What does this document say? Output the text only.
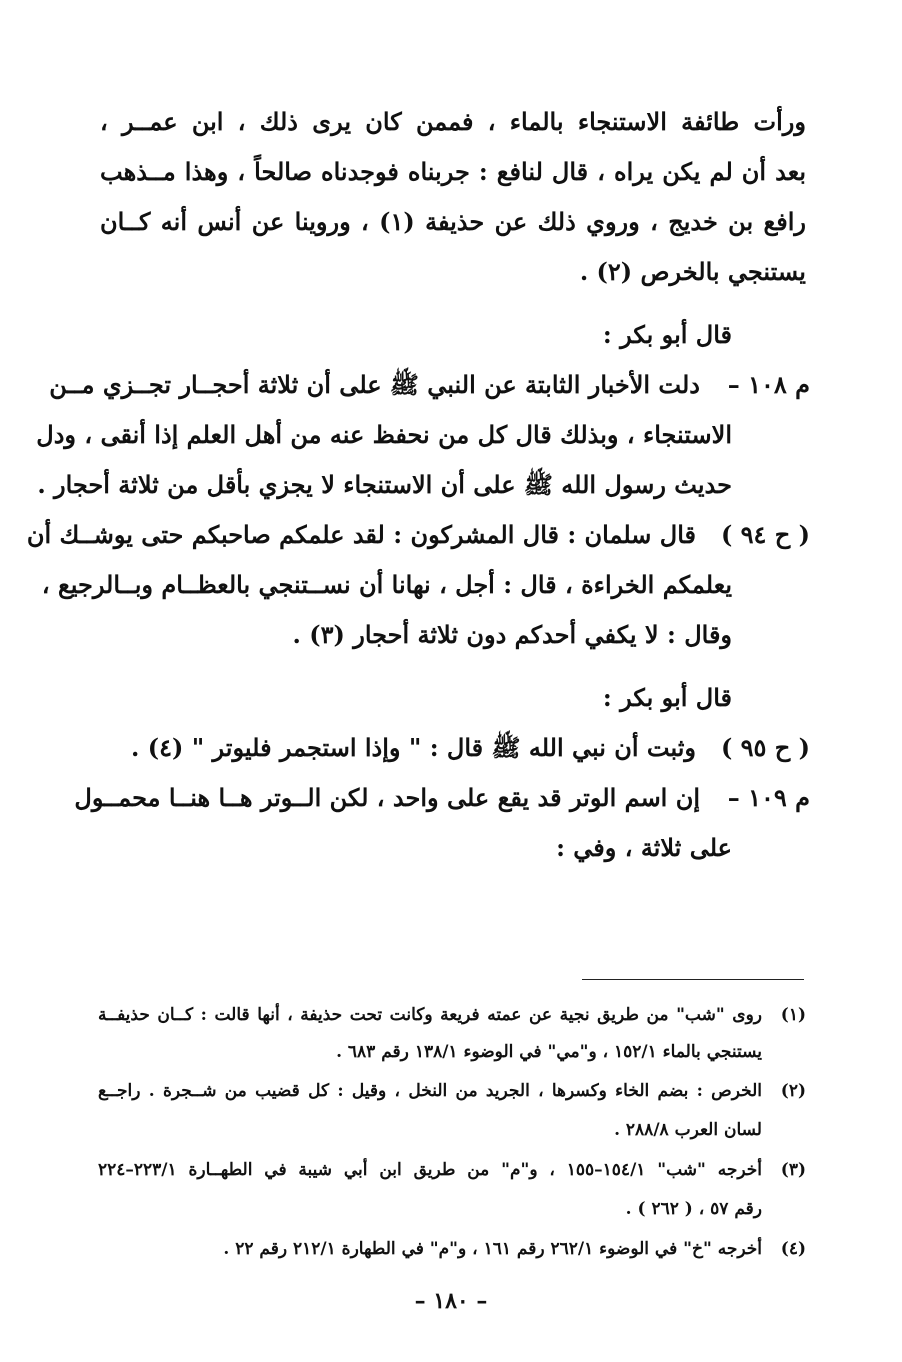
ورأت طائفة الاستنجاء بالماء ، فممن كان يرى ذلك ، ابن عمــر ،
بعد أن لم يكن يراه ، قال لنافع : جربناه فوجدناه صالحاً ، وهذا مــذهب
رافع بن خديج ، وروي ذلك عن حذيفة (١) ، وروينا عن أنس أنه كــان
يستنجي بالخرص (٢) .
قال أبو بكر :
م ١٠٨ –
دلت الأخبار الثابتة عن النبي ﷺ على أن ثلاثة أحجــار تجــزي مــن
الاستنجاء ، وبذلك قال كل من نحفظ عنه من أهل العلم إذا أنقى ، ودل
حديث رسول الله ﷺ على أن الاستنجاء لا يجزي بأقل من ثلاثة أحجار .
( ح ٩٤ )
قال سلمان : قال المشركون : لقد علمكم صاحبكم حتى يوشــك أن
يعلمكم الخراءة ، قال : أجل ، نهانا أن نســتنجي بالعظــام وبــالرجيع ،
وقال : لا يكفي أحدكم دون ثلاثة أحجار (٣) .
قال أبو بكر :
( ح ٩٥ )
وثبت أن نبي الله ﷺ قال : " وإذا استجمر فليوتر " (٤) .
م ١٠٩ –
إن اسم الوتر قد يقع على واحد ، لكن الــوتر هــا هنــا محمــول
على ثلاثة ، وفي :
(١)
روى "شب" من طريق نجية عن عمته فريعة وكانت تحت حذيفة ، أنها قالت : كــان حذيفــة
يستنجي بالماء ١٥٢/١ ، و"مي" في الوضوء ١٣٨/١ رقم ٦٨٣ .
(٢)
الخرص : بضم الخاء وكسرها ، الجريد من النخل ، وقيل : كل قضيب من شــجرة . راجــع
لسان العرب ٢٨٨/٨ .
(٣)
أخرجه "شب" ١٥٤/١–١٥٥ ، و"م" من طريق ابن أبي شيبة في الطهــارة ٢٢٣/١–٢٢٤
رقم ٥٧ ، ( ٢٦٢ ) .
(٤)
أخرجه "خ" في الوضوء ٢٦٢/١ رقم ١٦١ ، و"م" في الطهارة ٢١٢/١ رقم ٢٢ .
– ١٨٠ –
